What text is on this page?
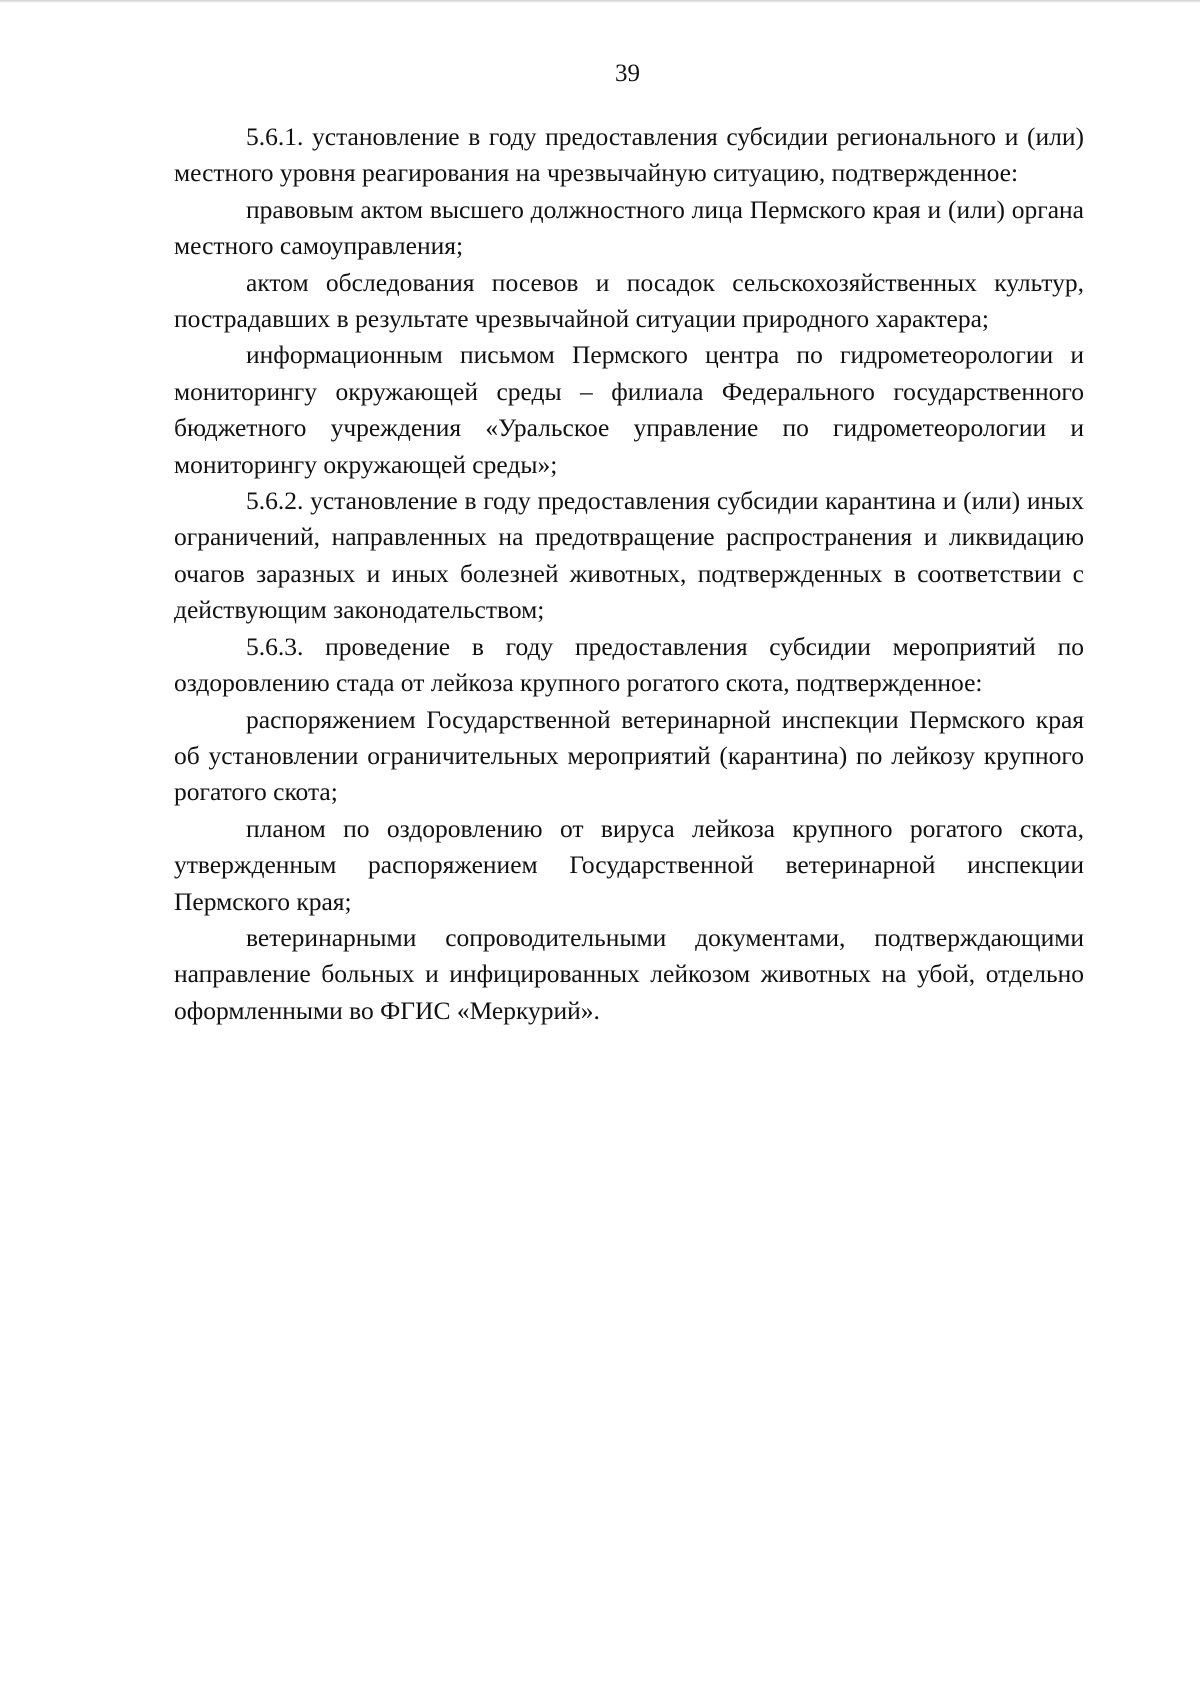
39

5.6.1. установление в году предоставления субсидии регионального и (или) местного уровня реагирования на чрезвычайную ситуацию, подтвержденное:

правовым актом высшего должностного лица Пермского края и (или) органа местного самоуправления;

актом обследования посевов и посадок сельскохозяйственных культур, пострадавших в результате чрезвычайной ситуации природного характера;

информационным письмом Пермского центра по гидрометеорологии и мониторингу окружающей среды – филиала Федерального государственного бюджетного учреждения «Уральское управление по гидрометеорологии и мониторингу окружающей среды»;

5.6.2. установление в году предоставления субсидии карантина и (или) иных ограничений, направленных на предотвращение распространения и ликвидацию очагов заразных и иных болезней животных, подтвержденных в соответствии с действующим законодательством;

5.6.3. проведение в году предоставления субсидии мероприятий по оздоровлению стада от лейкоза крупного рогатого скота, подтвержденное:

распоряжением Государственной ветеринарной инспекции Пермского края об установлении ограничительных мероприятий (карантина) по лейкозу крупного рогатого скота;

планом по оздоровлению от вируса лейкоза крупного рогатого скота, утвержденным распоряжением Государственной ветеринарной инспекции Пермского края;

ветеринарными сопроводительными документами, подтверждающими направление больных и инфицированных лейкозом животных на убой, отдельно оформленными во ФГИС «Меркурий».
